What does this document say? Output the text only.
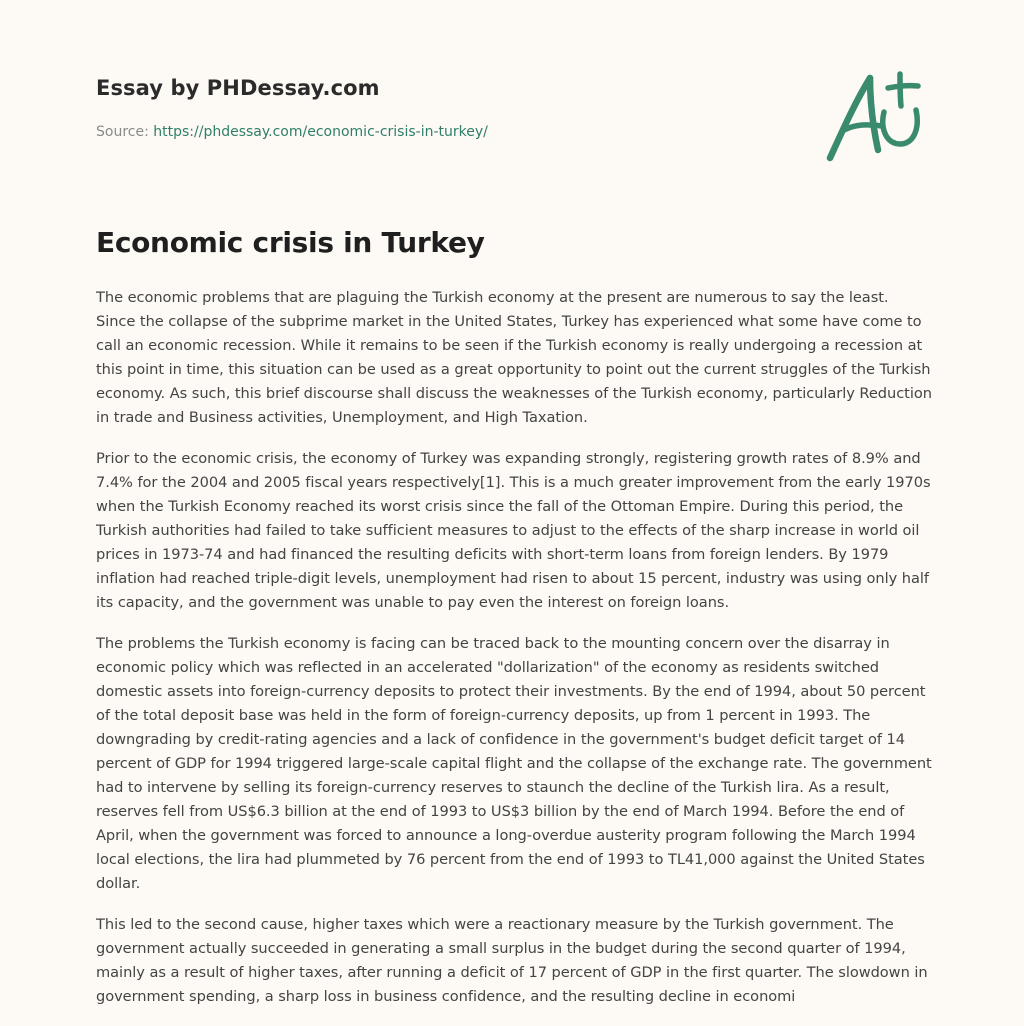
Essay by PHDessay.com
Source: https://phdessay.com/economic-crisis-in-turkey/
Economic crisis in Turkey

The economic problems that are plaguing the Turkish economy at the present are numerous to say the least. Since the collapse of the subprime market in the United States, Turkey has experienced what some have come to call an economic recession. While it remains to be seen if the Turkish economy is really undergoing a recession at this point in time, this situation can be used as a great opportunity to point out the current struggles of the Turkish economy. As such, this brief discourse shall discuss the weaknesses of the Turkish economy, particularly Reduction in trade and Business activities, Unemployment, and High Taxation.

Prior to the economic crisis, the economy of Turkey was expanding strongly, registering growth rates of 8.9% and 7.4% for the 2004 and 2005 fiscal years respectively[1]. This is a much greater improvement from the early 1970s when the Turkish Economy reached its worst crisis since the fall of the Ottoman Empire. During this period, the Turkish authorities had failed to take sufficient measures to adjust to the effects of the sharp increase in world oil prices in 1973-74 and had financed the resulting deficits with short-term loans from foreign lenders. By 1979 inflation had reached triple-digit levels, unemployment had risen to about 15 percent, industry was using only half its capacity, and the government was unable to pay even the interest on foreign loans.

The problems the Turkish economy is facing can be traced back to the mounting concern over the disarray in economic policy which was reflected in an accelerated "dollarization" of the economy as residents switched domestic assets into foreign-currency deposits to protect their investments. By the end of 1994, about 50 percent of the total deposit base was held in the form of foreign-currency deposits, up from 1 percent in 1993. The downgrading by credit-rating agencies and a lack of confidence in the government's budget deficit target of 14 percent of GDP for 1994 triggered large-scale capital flight and the collapse of the exchange rate. The government had to intervene by selling its foreign-currency reserves to staunch the decline of the Turkish lira. As a result, reserves fell from US$6.3 billion at the end of 1993 to US$3 billion by the end of March 1994. Before the end of April, when the government was forced to announce a long-overdue austerity program following the March 1994 local elections, the lira had plummeted by 76 percent from the end of 1993 to TL41,000 against the United States dollar.

This led to the second cause, higher taxes which were a reactionary measure by the Turkish government. The government actually succeeded in generating a small surplus in the budget during the second quarter of 1994, mainly as a result of higher taxes, after running a deficit of 17 percent of GDP in the first quarter. The slowdown in government spending, a sharp loss in business confidence, and the resulting decline in economi
